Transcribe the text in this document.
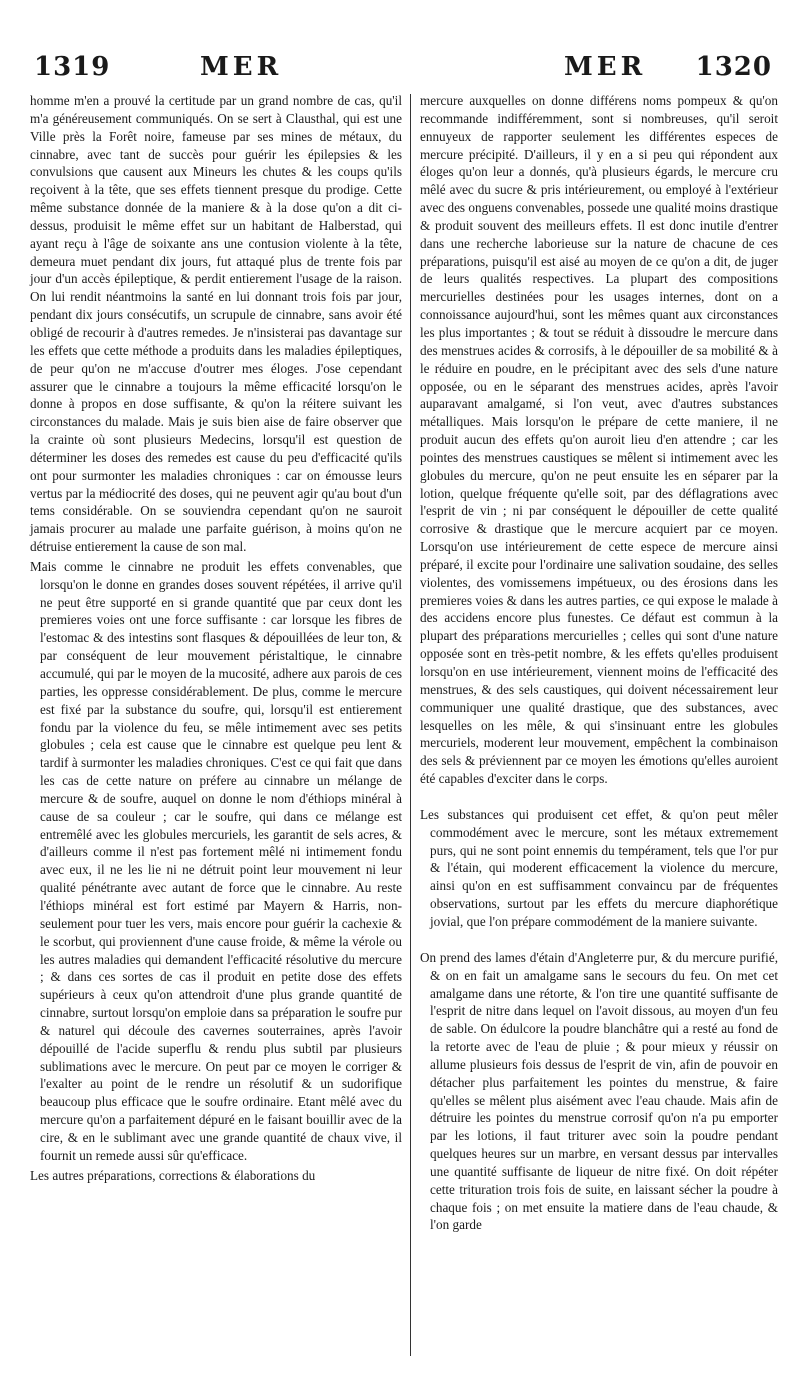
1319	MER	MER 1320

homme m'en a prouvé la certitude par un grand nombre de cas, qu'il m'a généreusement communiqués. On se sert à Clausthal, qui est une Ville près la Forêt noire, fameuse par ses mines de métaux, du cinnabre, avec tant de succès pour guérir les épilepsies & les convulsions que causent aux Mineurs les chutes & les coups qu'ils reçoivent à la tête, que ses effets tiennent presque du prodige. Cette même substance donnée de la maniere & à la dose qu'on a dit ci-dessus, produisit le même effet sur un habitant de Halberstad, qui ayant reçu à l'âge de soixante ans une contusion violente à la tête, demeura muet pendant dix jours, fut attaqué plus de trente fois par jour d'un accès épileptique, & perdit entierement l'usage de la raison. On lui rendit néantmoins la santé en lui donnant trois fois par jour, pendant dix jours consécutifs, un scrupule de cinnabre, sans avoir été obligé de recourir à d'autres remedes. Je n'insisterai pas davantage sur les effets que cette méthode a produits dans les maladies épileptiques, de peur qu'on ne m'accuse d'outrer mes éloges. J'ose cependant assurer que le cinnabre a toujours la même efficacité lorsqu'on le donne à propos en dose suffisante, & qu'on la réitere suivant les circonstances du malade. Mais je suis bien aise de faire observer que la crainte où sont plusieurs Medecins, lorsqu'il est question de déterminer les doses des remedes est cause du peu d'efficacité qu'ils ont pour surmonter les maladies chroniques : car on émousse leurs vertus par la médiocrité des doses, qui ne peuvent agir qu'au bout d'un tems considérable. On se souviendra cependant qu'on ne sauroit jamais procurer au malade une parfaite guérison, à moins qu'on ne détruise entierement la cause de son mal.

Mais comme le cinnabre ne produit les effets convenables, que lorsqu'on le donne en grandes doses souvent répétées, il arrive qu'il ne peut être supporté en si grande quantité que par ceux dont les premieres voies ont une force suffisante : car lorsque les fibres de l'estomac & des intestins sont flasques & dépouillées de leur ton, & par conséquent de leur mouvement péristaltique, le cinnabre accumulé, qui par le moyen de la mucosité, adhere aux parois de ces parties, les oppresse considérablement. De plus, comme le mercure est fixé par la substance du soufre, qui, lorsqu'il est entierement fondu par la violence du feu, se mêle intimement avec ses petits globules ; cela est cause que le cinnabre est quelque peu lent & tardif à surmonter les maladies chroniques. C'est ce qui fait que dans les cas de cette nature on préfere au cinnabre un mélange de mercure & de soufre, auquel on donne le nom d'éthiops minéral à cause de sa couleur ; car le soufre, qui dans ce mélange est entremêlé avec les globules mercuriels, les garantit de sels acres, & d'ailleurs comme il n'est pas fortement mêlé ni intimement fondu avec eux, il ne les lie ni ne détruit point leur mouvement ni leur qualité pénétrante avec autant de force que le cinnabre. Au reste l'éthiops minéral est fort estimé par Mayern & Harris, non-seulement pour tuer les vers, mais encore pour guérir la cachexie & le scorbut, qui proviennent d'une cause froide, & même la vérole ou les autres maladies qui demandent l'efficacité résolutive du mercure ; & dans ces sortes de cas il produit en petite dose des effets supérieurs à ceux qu'on attendroit d'une plus grande quantité de cinnabre, surtout lorsqu'on emploie dans sa préparation le soufre pur & naturel qui découle des cavernes souterraines, après l'avoir dépouillé de l'acide superflu & rendu plus subtil par plusieurs sublimations avec le mercure. On peut par ce moyen le corriger & l'exalter au point de le rendre un résolutif & un sudorifique beaucoup plus efficace que le soufre ordinaire. Etant mêlé avec du mercure qu'on a parfaitement dépuré en le faisant bouillir avec de la cire, & en le sublimant avec une grande quantité de chaux vive, il fournit un remede aussi sûr qu'efficace.

Les autres préparations, corrections & élaborations du

mercure auxquelles on donne différens noms pompeux & qu'on recommande indifféremment, sont si nombreuses, qu'il seroit ennuyeux de rapporter seulement les différentes especes de mercure précipité. D'ailleurs, il y en a si peu qui répondent aux éloges qu'on leur a donnés, qu'à plusieurs égards, le mercure cru mêlé avec du sucre & pris intérieurement, ou employé à l'extérieur avec des onguens convenables, possede une qualité moins drastique & produit souvent des meilleurs effets. Il est donc inutile d'entrer dans une recherche laborieuse sur la nature de chacune de ces préparations, puisqu'il est aisé au moyen de ce qu'on a dit, de juger de leurs qualités respectives. La plupart des compositions mercurielles destinées pour les usages internes, dont on a connoissance aujourd'hui, sont les mêmes quant aux circonstances les plus importantes ; & tout se réduit à dissoudre le mercure dans des menstrues acides & corrosifs, à le dépouiller de sa mobilité & à le réduire en poudre, en le précipitant avec des sels d'une nature opposée, ou en le séparant des menstrues acides, après l'avoir auparavant amalgamé, si l'on veut, avec d'autres substances métalliques. Mais lorsqu'on le prépare de cette maniere, il ne produit aucun des effets qu'on auroit lieu d'en attendre ; car les pointes des menstrues caustiques se mêlent si intimement avec les globules du mercure, qu'on ne peut ensuite les en séparer par la lotion, quelque fréquente qu'elle soit, par des déflagrations avec l'esprit de vin ; ni par conséquent le dépouiller de cette qualité corrosive & drastique que le mercure acquiert par ce moyen. Lorsqu'on use intérieurement de cette espece de mercure ainsi préparé, il excite pour l'ordinaire une salivation soudaine, des selles violentes, des vomissemens impétueux, ou des érosions dans les premieres voies & dans les autres parties, ce qui expose le malade à des accidens encore plus funestes. Ce défaut est commun à la plupart des préparations mercurielles ; celles qui sont d'une nature opposée sont en très-petit nombre, & les effets qu'elles produisent lorsqu'on en use intérieurement, viennent moins de l'efficacité des menstrues, & des sels caustiques, qui doivent nécessairement leur communiquer une qualité drastique, que des substances, avec lesquelles on les mêle, & qui s'insinuant entre les globules mercuriels, moderent leur mouvement, empêchent la combinaison des sels & préviennent par ce moyen les émotions qu'elles auroient été capables d'exciter dans le corps.

Les substances qui produisent cet effet, & qu'on peut mêler commodément avec le mercure, sont les métaux extremement purs, qui ne sont point ennemis du tempérament, tels que l'or pur & l'étain, qui moderent efficacement la violence du mercure, ainsi qu'on en est suffisamment convaincu par de fréquentes observations, surtout par les effets du mercure diaphorétique jovial, que l'on prépare commodément de la maniere suivante.

On prend des lames d'étain d'Angleterre pur, & du mercure purifié, & on en fait un amalgame sans le secours du feu. On met cet amalgame dans une rétorte, & l'on tire une quantité suffisante de l'esprit de nitre dans lequel on l'avoit dissous, au moyen d'un feu de sable. On édulcore la poudre blanchâtre qui a resté au fond de la retorte avec de l'eau de pluie ; & pour mieux y réussir on allume plusieurs fois dessus de l'esprit de vin, afin de pouvoir en détacher plus parfaitement les pointes du menstrue, & faire qu'elles se mêlent plus aisément avec l'eau chaude. Mais afin de détruire les pointes du menstrue corrosif qu'on n'a pu emporter par les lotions, il faut triturer avec soin la poudre pendant quelques heures sur un marbre, en versant dessus par intervalles une quantité suffisante de liqueur de nitre fixé. On doit répéter cette trituration trois fois de suite, en laissant sécher la poudre à chaque fois ; on met ensuite la matiere dans de l'eau chaude, & l'on garde
